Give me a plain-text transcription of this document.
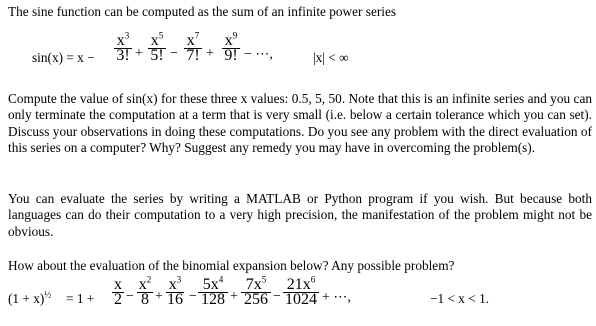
The sine function can be computed as the sum of an infinite power series

sin(x) = x −
$x^3$
3! +
$x^5$
5! −
$x^7$
7! +
$x^9$
9! − ⋯,	|x| < ∞

Compute the value of sin(x) for these three x values: 0.5, 5, 50. Note that this is an infinite series and you can only terminate the computation at a term that is very small (i.e. below a certain tolerance which you can set). Discuss your observations in doing these computations. Do you see any problem with the direct evaluation of this series on a computer? Why? Suggest any remedy you may have in overcoming the problem(s).

You can evaluate the series by writing a MATLAB or Python program if you wish. But because both languages can do their computation to a very high precision, the manifestation of the problem might not be obvious.

How about the evaluation of the binomial expansion below? Any possible problem?

$(1 + x)^{\frac{1}{2}} = 1$ +
x
2 −
$x^2$
8 +
$x^3$
16 −
$5x^4$
128 +
$7x^5$
256 −
$21x^6$
1024 + ⋯,	−1 < x < 1.
